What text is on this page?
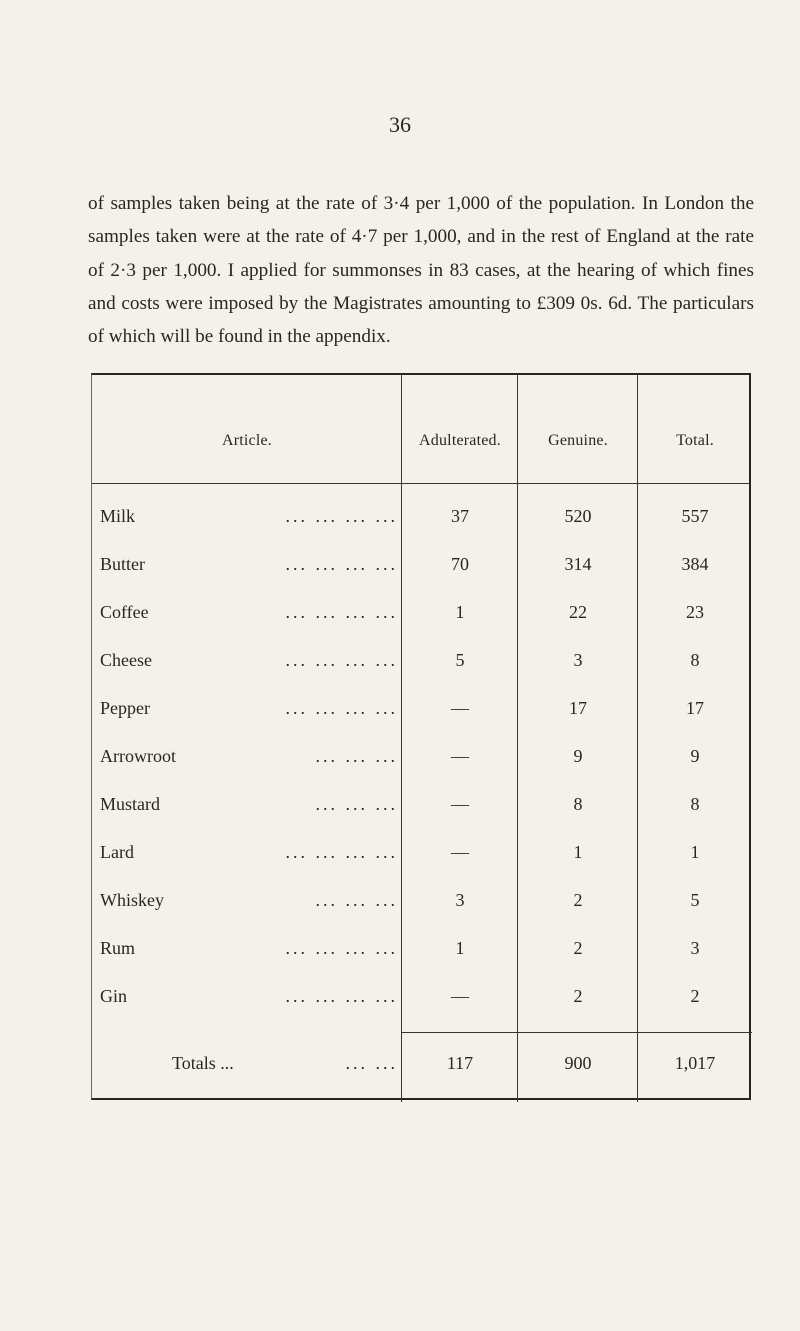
36

of samples taken being at the rate of 3·4 per 1,000 of the population. In London the samples taken were at the rate of 4·7 per 1,000, and in the rest of England at the rate of 2·3 per 1,000. I applied for summonses in 83 cases, at the hearing of which fines and costs were imposed by the Magistrates amounting to £309 0s. 6d. The particulars of which will be found in the appendix.

Article.	Adulterated.	Genuine.	Total.
Milk	... ... ... ...	37	520	557
Butter	... ... ... ...	70	314	384
Coffee	... ... ... ...	1	22	23
Cheese	... ... ... ...	5	3	8
Pepper	... ... ... ...	—	17	17
Arrowroot	... ... ...	—	9	9
Mustard	... ... ...	—	8	8
Lard	... ... ... ...	—	1	1
Whiskey	... ... ...	3	2	5
Rum	... ... ... ...	1	2	3
Gin	... ... ... ...	—	2	2
Totals ...	... ...	117	900	1,017
